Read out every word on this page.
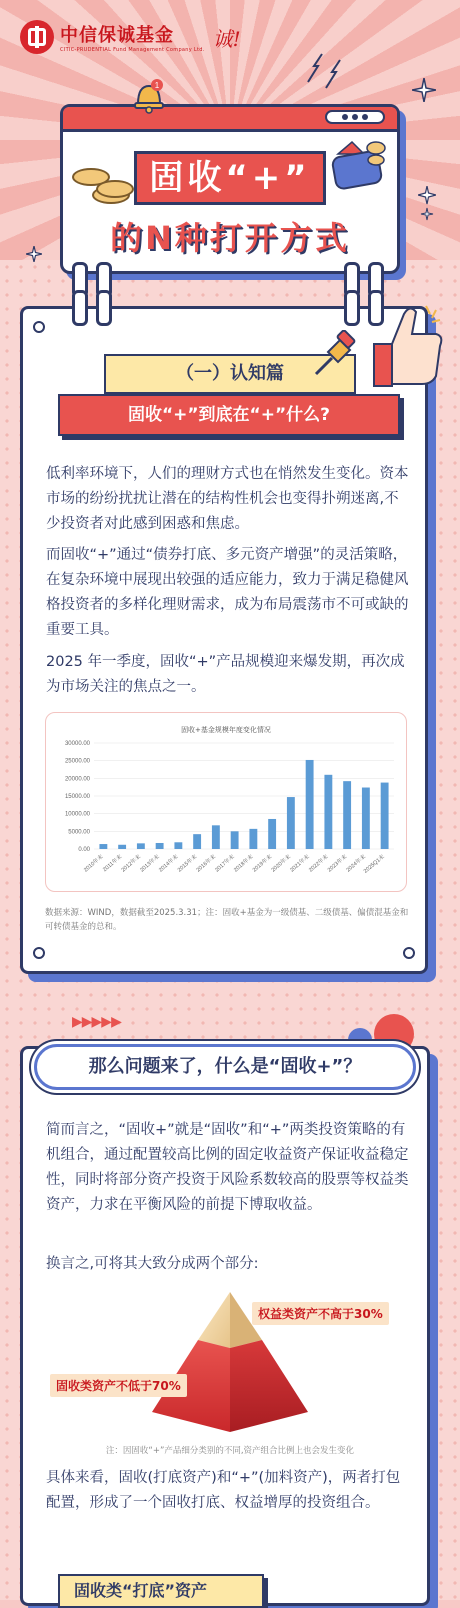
中信保诚基金
CITIC-PRUDENTIAL Fund Management Company Ltd. 诚!
固收“+”
的N种打开方式
1
（一）认知篇
固收“+”到底在“+”什么?
低利率环境下，人们的理财方式也在悄然发生变化。资本市场的纷纷扰扰让潜在的结构性机会也变得扑朔迷离,不少投资者对此感到困惑和焦虑。
而固收“+”通过“债券打底、多元资产增强”的灵活策略，在复杂环境中展现出较强的适应能力，致力于满足稳健风格投资者的多样化理财需求，成为布局震荡市不可或缺的重要工具。
2025 年一季度，固收“+”产品规模迎来爆发期，再次成为市场关注的焦点之一。
固收+基金规模年度变化情况
30000.00
25000.00
20000.00
15000.00
10000.00
5000.00
0.00
2010年末
2011年末
2012年末
2013年末
2014年末
2015年末
2016年末
2017年末
2018年末
2019年末
2020年末
2021年末
2022年末
2023年末
2024年末
2025Q1末
数据来源：WIND，数据截至2025.3.31；注：固收+基金为一级债基、二级债基、偏债混基金和可转债基金的总和。
▶▶▶▶▶
那么问题来了，什么是“固收+”？
简而言之，“固收+”就是“固收”和“+”两类投资策略的有机组合，通过配置较高比例的固定收益资产保证收益稳定性，同时将部分资产投资于风险系数较高的股票等权益类资产，力求在平衡风险的前提下博取收益。
换言之,可将其大致分成两个部分:
权益类资产不高于30%
固收类资产不低于70%
注：因固收“+”产品细分类别的不同,资产组合比例上也会发生变化
具体来看，固收(打底资产)和“+”(加料资产)，两者打包配置，形成了一个固收打底、权益增厚的投资组合。
固收类“打底”资产
